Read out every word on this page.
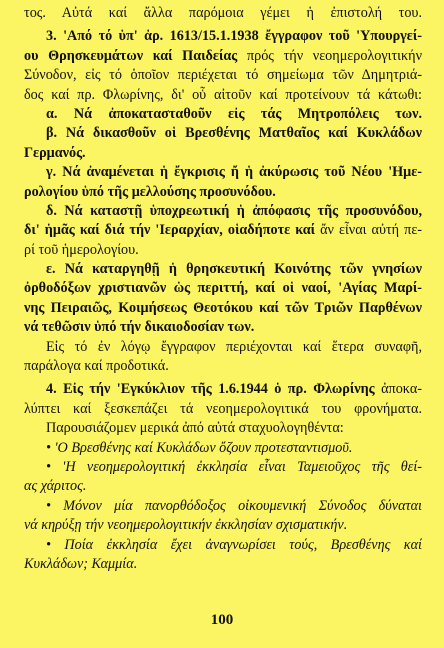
τος. Αὐτά καί ἄλλα παρόμοια γέμει ἡ ἐπιστολή του.
3. 'Από τό ὑπ' ἀρ. 1613/15.1.1938 ἔγγραφον τοῦ 'Υπουργεί-
ου Θρησκευμάτων καί Παιδείας πρός τήν νεοημερολογιτικήν
Σύνοδον, εἰς τό ὁποῖον περιέχεται τό σημείωμα τῶν Δημητριά-
δος καί πρ. Φλωρίνης, δι' οὗ αἰτοῦν καί προτείνουν τά κάτωθι:
α. Νά ἀποκατασταθοῦν εἰς τάς Μητροπόλεις των.
β. Νά δικασθοῦν οἱ Βρεσθένης Ματθαῖος καί Κυκλάδων
Γερμανός.
γ. Νά ἀναμένεται ἡ ἔγκρισις ἤ ἡ ἀκύρωσις τοῦ Νέου 'Ημε-
ρολογίου ὑπό τῆς μελλούσης προσυνόδου.
δ. Νά καταστῇ ὑποχρεωτική ἡ ἀπόφασις τῆς προσυνόδου,
δι' ἡμᾶς καί διά τήν 'Ιεραρχίαν, οἱαδήποτε καί ἄν εἶναι αὐτή πε-
ρί τοῦ ἡμερολογίου.
ε. Νά καταργηθῇ ἡ θρησκευτική Κοινότης τῶν γνησίων
ὀρθοδόξων χριστιανῶν ὡς περιττή, καί οἱ ναοί, 'Αγίας Μαρί-
νης Πειραιῶς, Κοιμήσεως Θεοτόκου καί τῶν Τριῶν Παρθένων
νά τεθῶσιν ὑπό τήν δικαιοδοσίαν των.
Εἰς τό ἐν λόγῳ ἔγγραφον περιέχονται καί ἕτερα συναφῆ,
παράλογα καί προδοτικά.
4. Εἰς τήν 'Εγκύκλιον τῆς 1.6.1944 ὁ πρ. Φλωρίνης ἀποκα-
λύπτει καί ξεσκεπάζει τά νεοημερολογιτικά του φρονήματα.
Παρουσιάζομεν μερικά ἀπό αὐτά σταχυολογηθέντα:
• 'Ο Βρεσθένης καί Κυκλάδων ὄζουν προτεσταντισμοῦ.
• 'Η νεοημερολογιτική ἐκκλησία εἶναι Ταμειοῦχος τῆς θεί-
ας χάριτος.
• Μόνον μία πανορθόδοξος οἰκουμενική Σύνοδος δύναται
νά κηρύξῃ τήν νεοημερολογιτικήν ἐκκλησίαν σχισματικήν.
• Ποία ἐκκλησία ἔχει ἀναγνωρίσει τούς, Βρεσθένης καί
Κυκλάδων; Καμμία.
100
